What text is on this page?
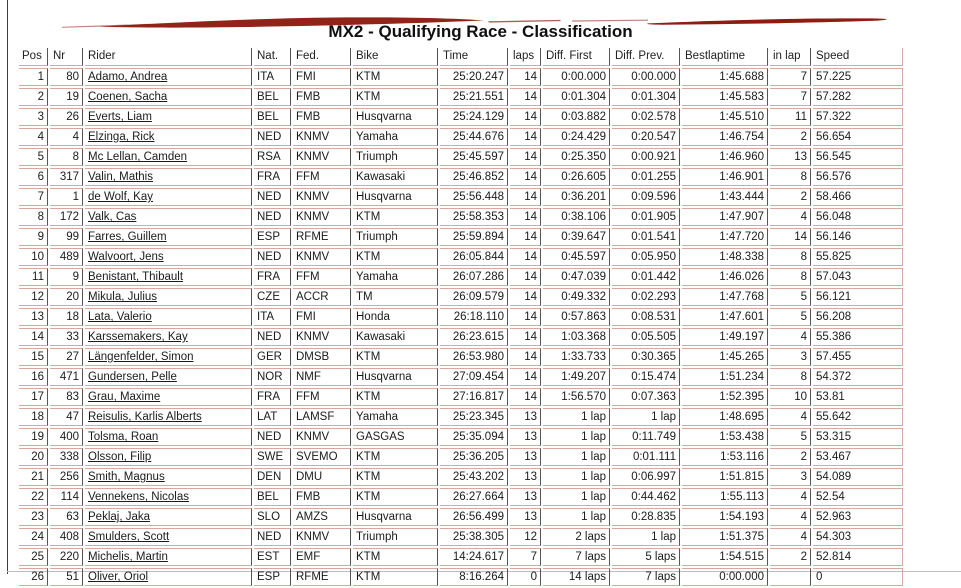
MX2 - Qualifying Race - Classification
Pos	Nr	Rider	Nat.	Fed.	Bike	Time	laps	Diff. First	Diff. Prev.	Bestlaptime	in lap	Speed
1	80	Adamo, Andrea	ITA	FMI	KTM	25:20.247	14	0:00.000	0:00.000	1:45.688	7	57.225
2	19	Coenen, Sacha	BEL	FMB	KTM	25:21.551	14	0:01.304	0:01.304	1:45.583	7	57.282
3	26	Everts, Liam	BEL	FMB	Husqvarna	25:24.129	14	0:03.882	0:02.578	1:45.510	11	57.322
4	4	Elzinga, Rick	NED	KNMV	Yamaha	25:44.676	14	0:24.429	0:20.547	1:46.754	2	56.654
5	8	Mc Lellan, Camden	RSA	KNMV	Triumph	25:45.597	14	0:25.350	0:00.921	1:46.960	13	56.545
6	317	Valin, Mathis	FRA	FFM	Kawasaki	25:46.852	14	0:26.605	0:01.255	1:46.901	8	56.576
7	1	de Wolf, Kay	NED	KNMV	Husqvarna	25:56.448	14	0:36.201	0:09.596	1:43.444	2	58.466
8	172	Valk, Cas	NED	KNMV	KTM	25:58.353	14	0:38.106	0:01.905	1:47.907	4	56.048
9	99	Farres, Guillem	ESP	RFME	Triumph	25:59.894	14	0:39.647	0:01.541	1:47.720	14	56.146
10	489	Walvoort, Jens	NED	KNMV	KTM	26:05.844	14	0:45.597	0:05.950	1:48.338	8	55.825
11	9	Benistant, Thibault	FRA	FFM	Yamaha	26:07.286	14	0:47.039	0:01.442	1:46.026	8	57.043
12	20	Mikula, Julius	CZE	ACCR	TM	26:09.579	14	0:49.332	0:02.293	1:47.768	5	56.121
13	18	Lata, Valerio	ITA	FMI	Honda	26:18.110	14	0:57.863	0:08.531	1:47.601	5	56.208
14	33	Karssemakers, Kay	NED	KNMV	Kawasaki	26:23.615	14	1:03.368	0:05.505	1:49.197	4	55.386
15	27	Längenfelder, Simon	GER	DMSB	KTM	26:53.980	14	1:33.733	0:30.365	1:45.265	3	57.455
16	471	Gundersen, Pelle	NOR	NMF	Husqvarna	27:09.454	14	1:49.207	0:15.474	1:51.234	8	54.372
17	83	Grau, Maxime	FRA	FFM	KTM	27:16.817	14	1:56.570	0:07.363	1:52.395	10	53.81
18	47	Reisulis, Karlis Alberts	LAT	LAMSF	Yamaha	25:23.345	13	1 lap	1 lap	1:48.695	4	55.642
19	400	Tolsma, Roan	NED	KNMV	GASGAS	25:35.094	13	1 lap	0:11.749	1:53.438	5	53.315
20	338	Olsson, Filip	SWE	SVEMO	KTM	25:36.205	13	1 lap	0:01.111	1:53.116	2	53.467
21	256	Smith, Magnus	DEN	DMU	KTM	25:43.202	13	1 lap	0:06.997	1:51.815	3	54.089
22	114	Vennekens, Nicolas	BEL	FMB	KTM	26:27.664	13	1 lap	0:44.462	1:55.113	4	52.54
23	63	Peklaj, Jaka	SLO	AMZS	Husqvarna	26:56.499	13	1 lap	0:28.835	1:54.193	4	52.963
24	408	Smulders, Scott	NED	KNMV	Triumph	25:38.305	12	2 laps	1 lap	1:51.375	4	54.303
25	220	Michelis, Martin	EST	EMF	KTM	14:24.617	7	7 laps	5 laps	1:54.515	2	52.814
26	51	Oliver, Oriol	ESP	RFME	KTM	8:16.264	0	14 laps	7 laps	0:00.000		0
